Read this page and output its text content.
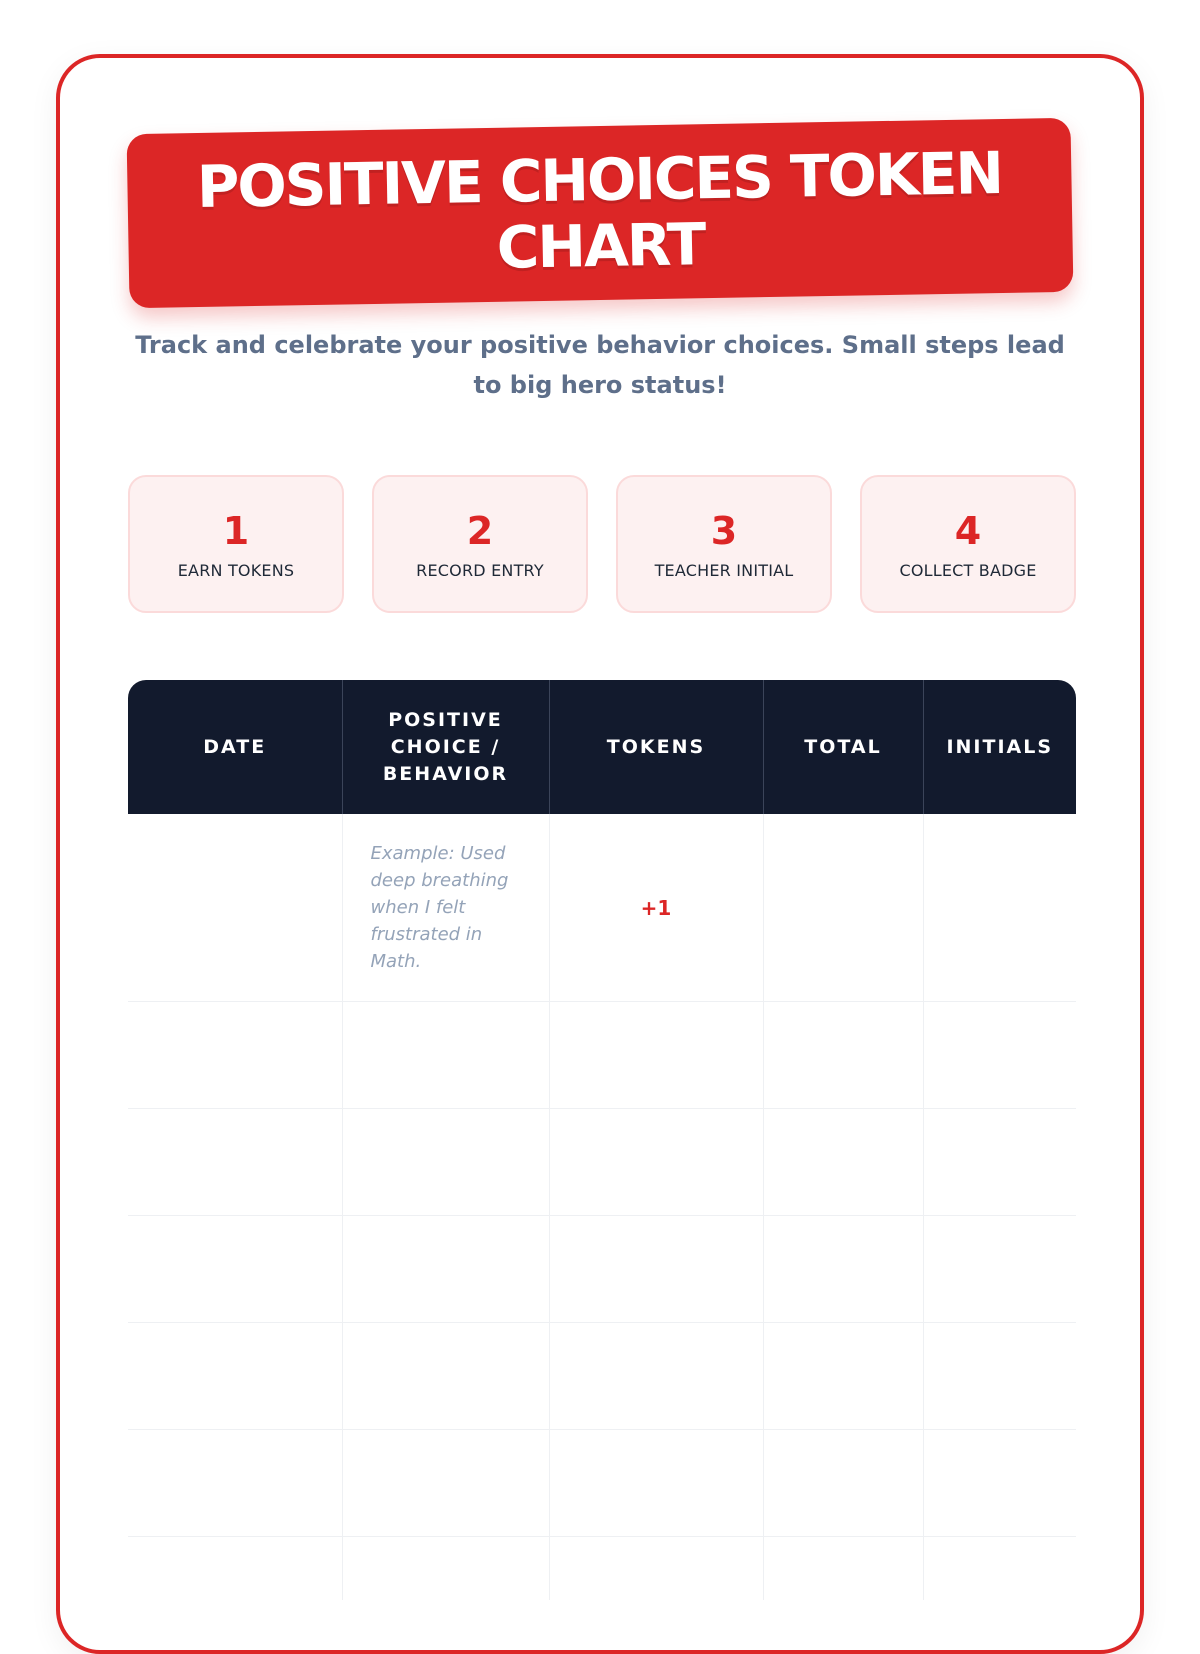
POSITIVE CHOICES TOKEN CHART
Track and celebrate your positive behavior choices. Small steps lead to big hero status!
1
EARN TOKENS
2
RECORD ENTRY
3
TEACHER INITIAL
4
COLLECT BADGE
DATE	POSITIVE CHOICE / BEHAVIOR	TOKENS	TOTAL	INITIALS

	Example: Used deep breathing when I felt frustrated in Math.	+1		
